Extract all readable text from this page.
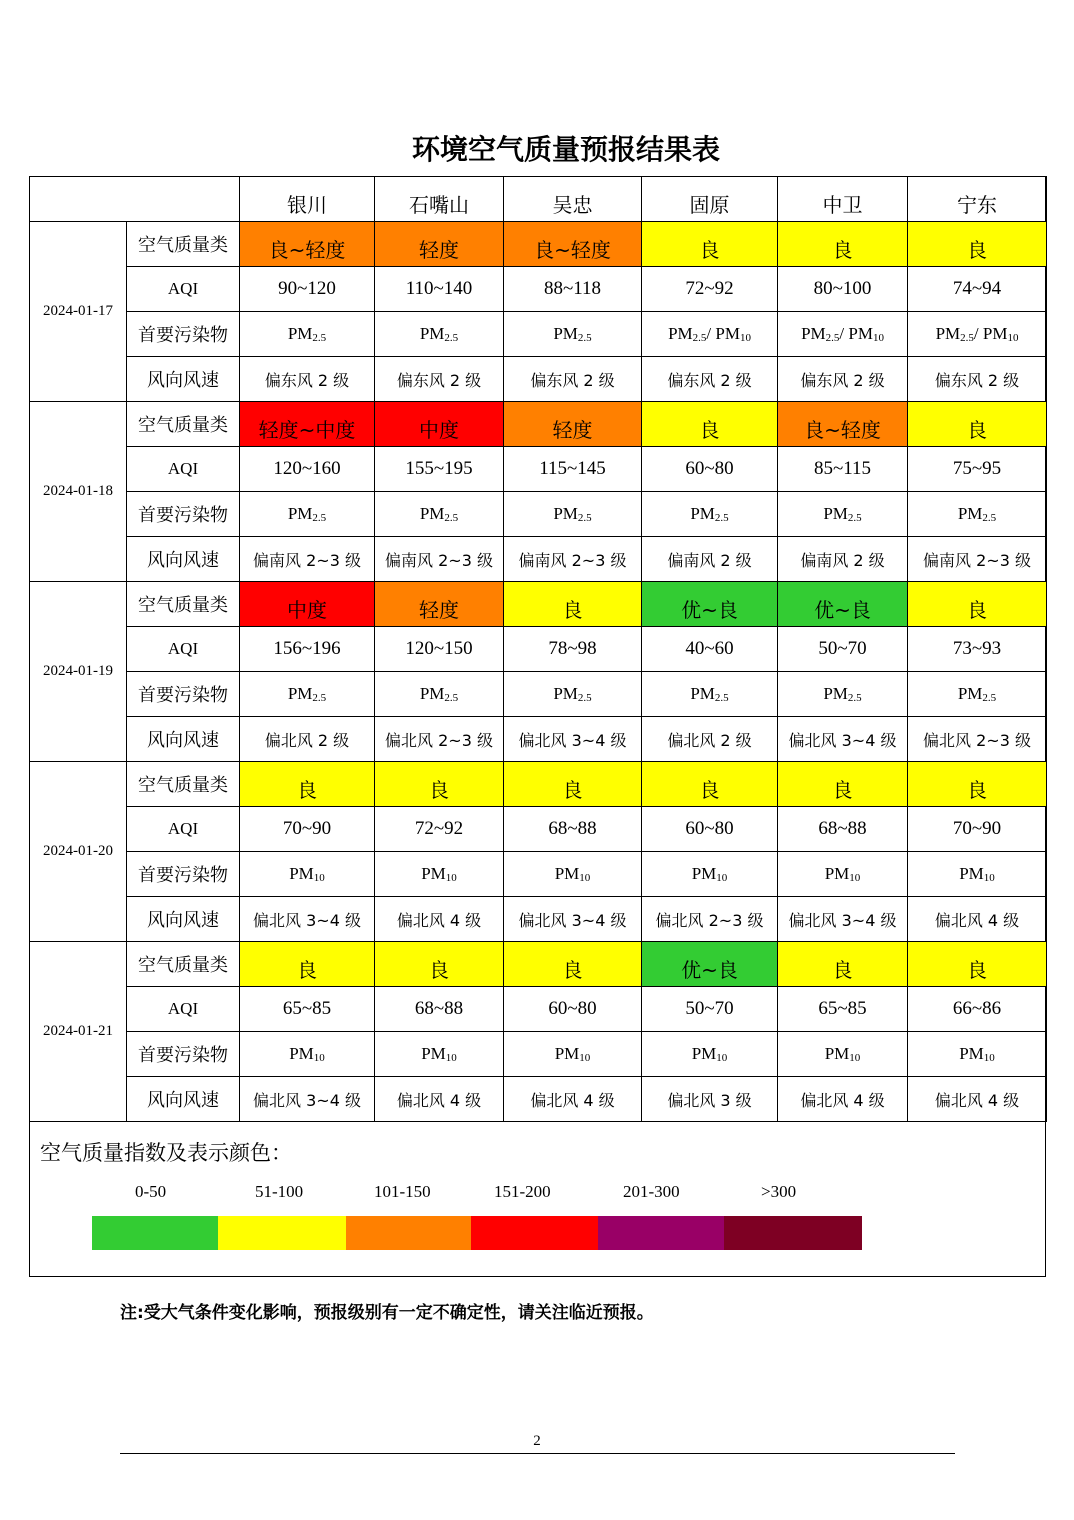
环境空气质量预报结果表
		银川	石嘴山	吴忠	固原	中卫	宁东
2024-01-17	空气质量类	良~轻度	轻度	良~轻度	良	良	良
	AQI	90~120	110~140	88~118	72~92	80~100	74~94
	首要污染物	$PM_{2.5}$	$PM_{2.5}$	$PM_{2.5}$	$PM_{2.5}/$ $PM_{10}$	$PM_{2.5}/$ $PM_{10}$	$PM_{2.5}/$ $PM_{10}$
	风向风速	偏东风 2 级	偏东风 2 级	偏东风 2 级	偏东风 2 级	偏东风 2 级	偏东风 2 级
2024-01-18	空气质量类	轻度~中度	中度	轻度	良	良~轻度	良
	AQI	120~160	155~195	115~145	60~80	85~115	75~95
	首要污染物	$PM_{2.5}$	$PM_{2.5}$	$PM_{2.5}$	$PM_{2.5}$	$PM_{2.5}$	$PM_{2.5}$
	风向风速	偏南风 2~3 级	偏南风 2~3 级	偏南风 2~3 级	偏南风 2 级	偏南风 2 级	偏南风 2~3 级
2024-01-19	空气质量类	中度	轻度	良	优~良	优~良	良
	AQI	156~196	120~150	78~98	40~60	50~70	73~93
	首要污染物	$PM_{2.5}$	$PM_{2.5}$	$PM_{2.5}$	$PM_{2.5}$	$PM_{2.5}$	$PM_{2.5}$
	风向风速	偏北风 2 级	偏北风 2~3 级	偏北风 3~4 级	偏北风 2 级	偏北风 3~4 级	偏北风 2~3 级
2024-01-20	空气质量类	良	良	良	良	良	良
	AQI	70~90	72~92	68~88	60~80	68~88	70~90
	首要污染物	$PM_{10}$	$PM_{10}$	$PM_{10}$	$PM_{10}$	$PM_{10}$	$PM_{10}$
	风向风速	偏北风 3~4 级	偏北风 4 级	偏北风 3~4 级	偏北风 2~3 级	偏北风 3~4 级	偏北风 4 级
2024-01-21	空气质量类	良	良	良	优~良	良	良
	AQI	65~85	68~88	60~80	50~70	65~85	66~86
	首要污染物	$PM_{10}$	$PM_{10}$	$PM_{10}$	$PM_{10}$	$PM_{10}$	$PM_{10}$
	风向风速	偏北风 3~4 级	偏北风 4 级	偏北风 4 级	偏北风 3 级	偏北风 4 级	偏北风 4 级
空气质量指数及表示颜色：
0-50	51-100	101-150	151-200	201-300	>300
注:受大气条件变化影响，预报级别有一定不确定性，请关注临近预报。
2
